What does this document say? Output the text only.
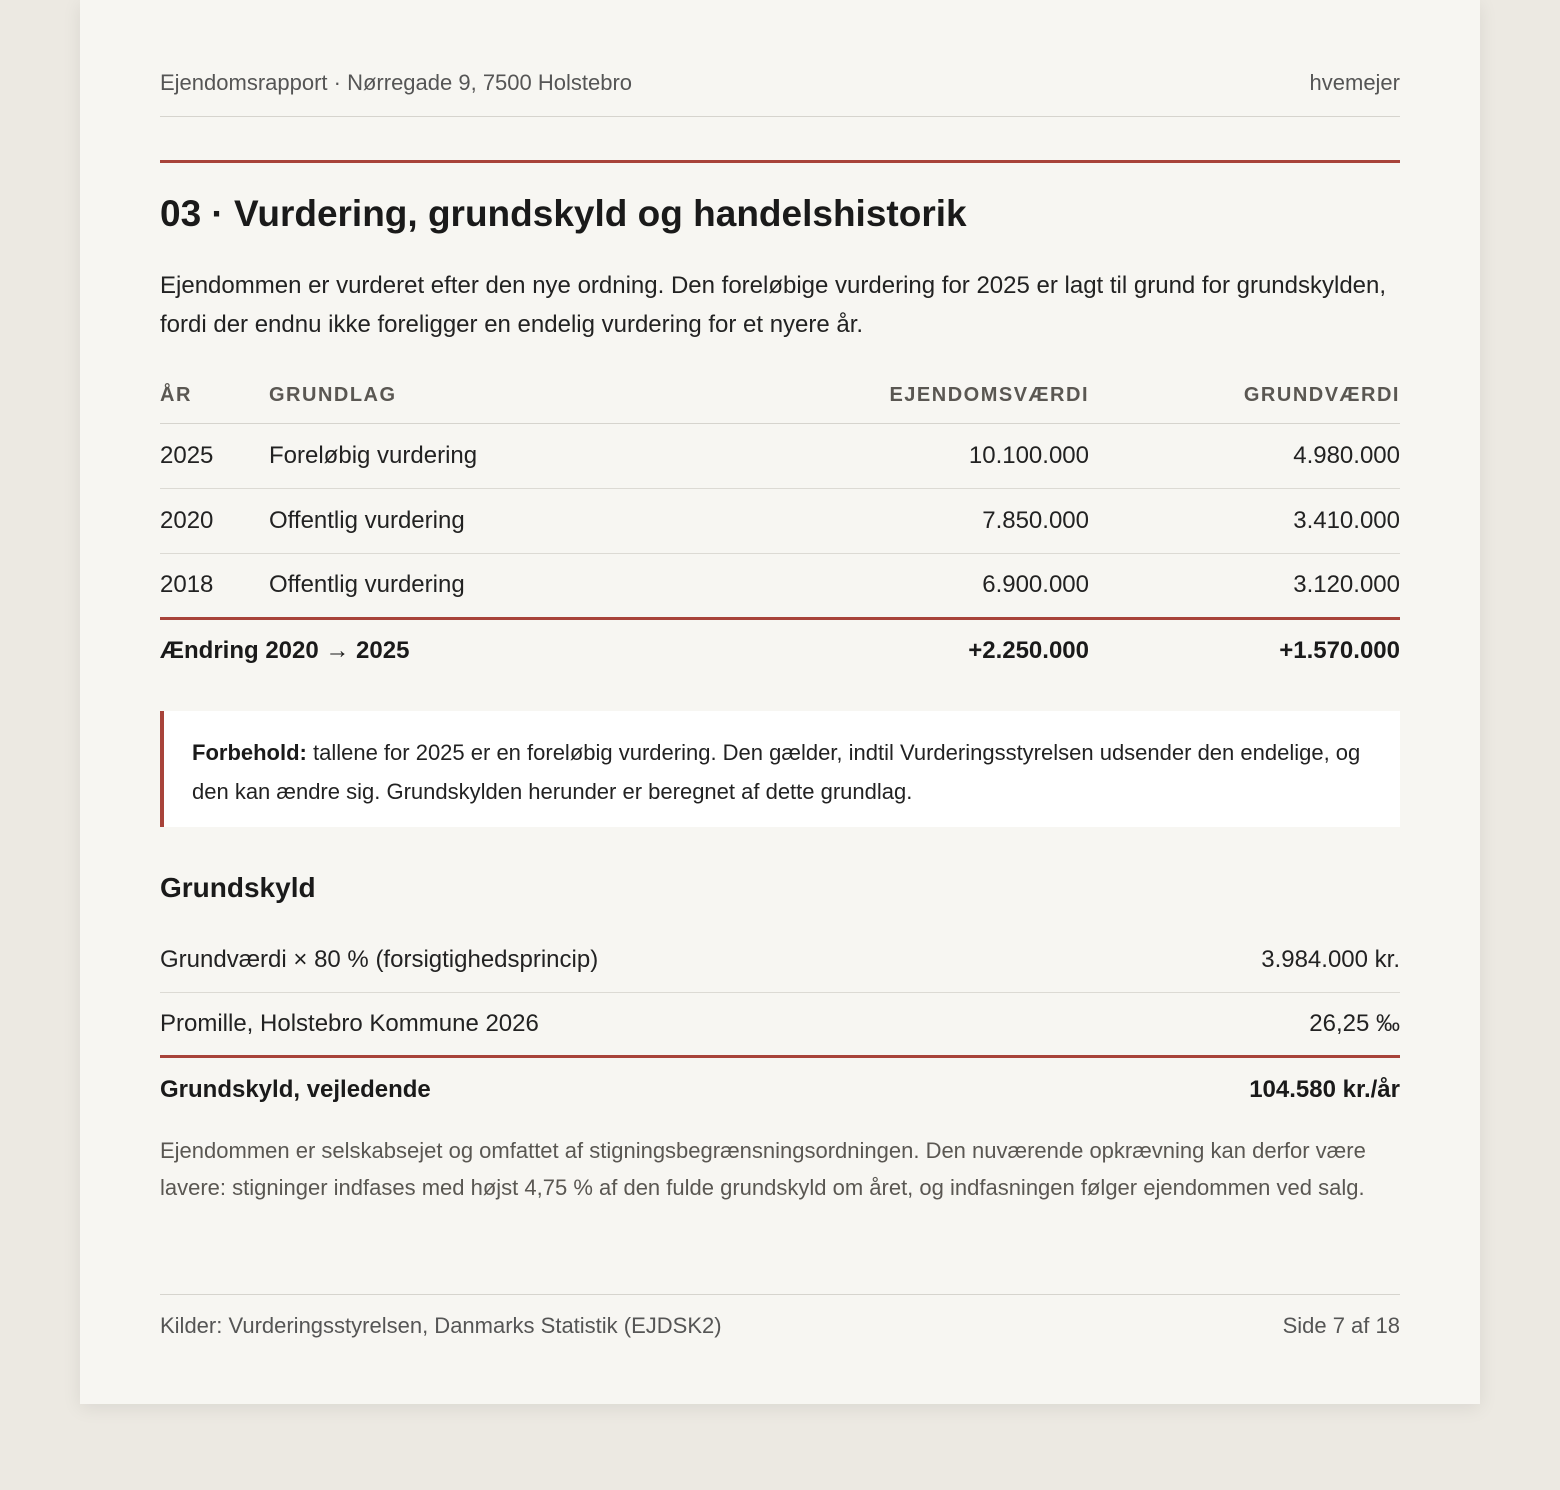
Ejendomsrapport · Nørregade 9, 7500 Holstebro	hvemejer
03 · Vurdering, grundskyld og handelshistorik

Ejendommen er vurderet efter den nye ordning. Den foreløbige vurdering for 2025 er lagt til grund for grundskylden, fordi der endnu ikke foreligger en endelig vurdering for et nyere år.

ÅR	GRUNDLAG	EJENDOMSVÆRDI	GRUNDVÆRDI
2025	Foreløbig vurdering	10.100.000	4.980.000
2020	Offentlig vurdering	7.850.000	3.410.000
2018	Offentlig vurdering	6.900.000	3.120.000
Ændring 2020 → 2025		+2.250.000	+1.570.000
Forbehold: tallene for 2025 er en foreløbig vurdering. Den gælder, indtil Vurderingsstyrelsen udsender den endelige, og den kan ændre sig. Grundskylden herunder er beregnet af dette grundlag.
Grundskyld
Grundværdi × 80 % (forsigtighedsprincip)	3.984.000 kr.
Promille, Holstebro Kommune 2026	26,25 ‰
Grundskyld, vejledende	104.580 kr./år

Ejendommen er selskabsejet og omfattet af stigningsbegrænsningsordningen. Den nuværende opkrævning kan derfor være lavere: stigninger indfases med højst 4,75 % af den fulde grundskyld om året, og indfasningen følger ejendommen ved salg.

Kilder: Vurderingsstyrelsen, Danmarks Statistik (EJDSK2)	Side 7 af 18
